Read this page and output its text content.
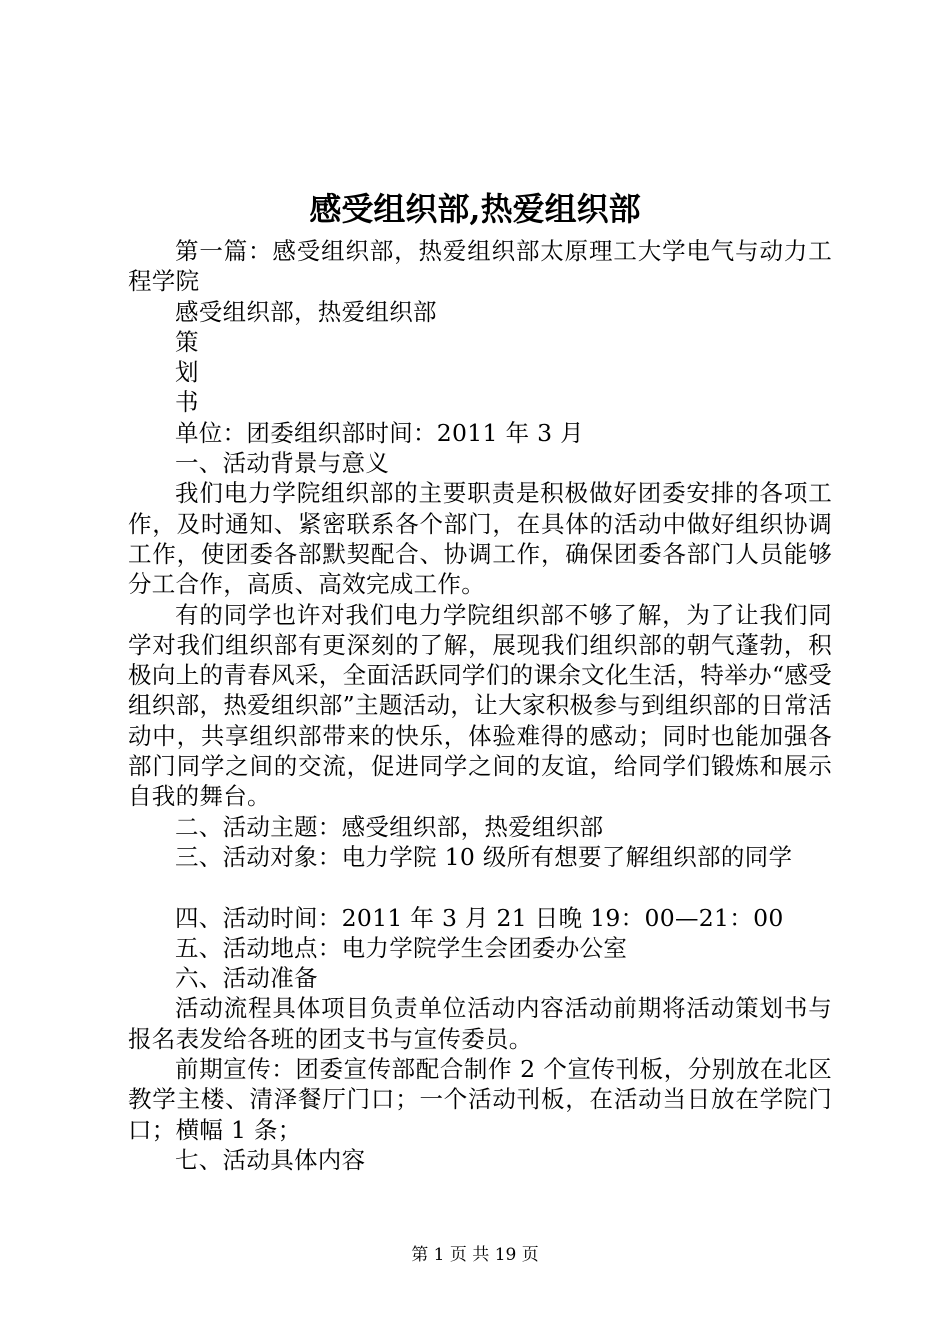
感受组织部,热爱组织部

第一篇：感受组织部，热爱组织部太原理工大学电气与动力工程学院

感受组织部，热爱组织部

策

划

书

单位：团委组织部时间：2011 年 3 月

一、活动背景与意义

我们电力学院组织部的主要职责是积极做好团委安排的各项工作，及时通知、紧密联系各个部门，在具体的活动中做好组织协调工作，使团委各部默契配合、协调工作，确保团委各部门人员能够分工合作，高质、高效完成工作。

有的同学也许对我们电力学院组织部不够了解，为了让我们同学对我们组织部有更深刻的了解，展现我们组织部的朝气蓬勃，积极向上的青春风采，全面活跃同学们的课余文化生活，特举办“感受组织部，热爱组织部”主题活动，让大家积极参与到组织部的日常活动中，共享组织部带来的快乐，体验难得的感动；同时也能加强各部门同学之间的交流，促进同学之间的友谊，给同学们锻炼和展示自我的舞台。

二、活动主题：感受组织部，热爱组织部

三、活动对象：电力学院 10 级所有想要了解组织部的同学

四、活动时间：2011 年 3 月 21 日晚 19：00—21：00

五、活动地点：电力学院学生会团委办公室

六、活动准备

活动流程具体项目负责单位活动内容活动前期将活动策划书与报名表发给各班的团支书与宣传委员。

前期宣传：团委宣传部配合制作 2 个宣传刊板，分别放在北区教学主楼、清泽餐厅门口；一个活动刊板，在活动当日放在学院门口；横幅 1 条；

七、活动具体内容

第 1 页 共 19 页
